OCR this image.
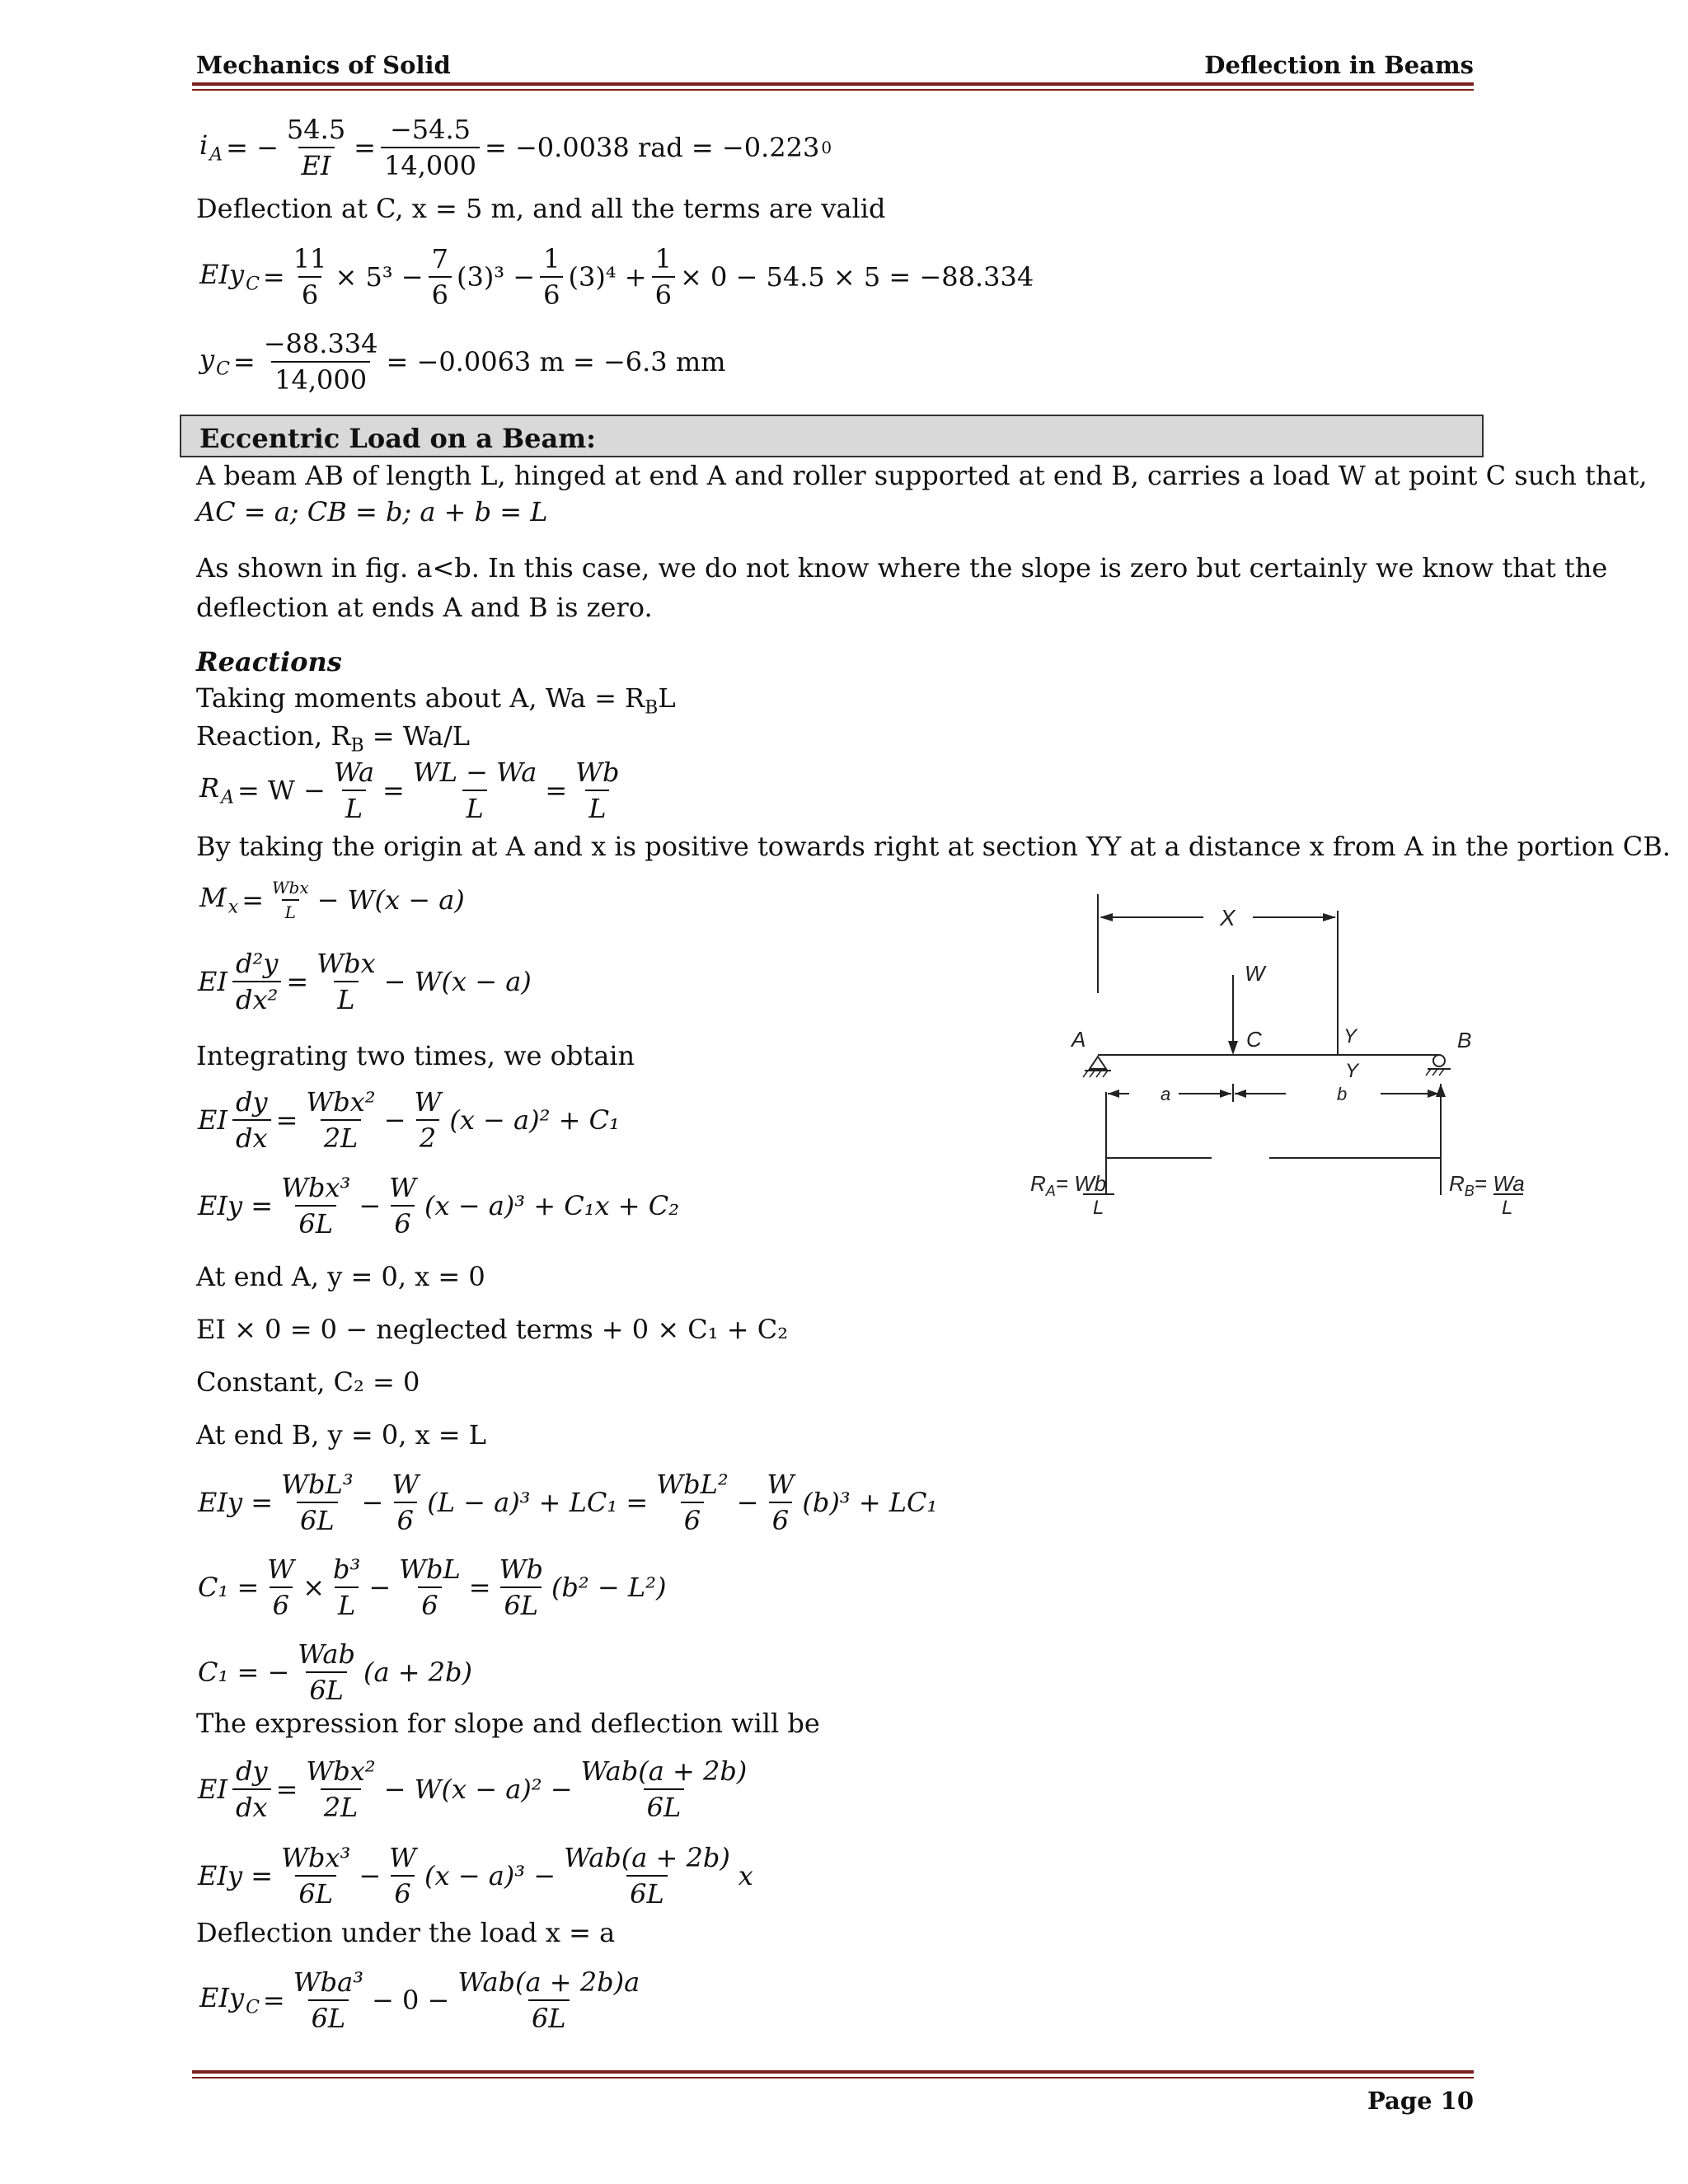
Mechanics of Solid	Deflection in Beams
$i_A$ = − $\frac{54.5}{EI} = \frac{-54.5}{14,000} = -0.0038$ rad = −0.223 0
Deflection at C, x = 5 m, and all the terms are valid
$EIy_C = \frac{11}{6} \times 5^3 - \frac{7}{6} (3)^3 - \frac{1}{6} (3)^4 + \frac{1}{6} \times 0 - 54.5 \times 5 = -88.334$
$y_C = \frac{-88.334}{14,000} = -0.0063$ m = −6.3 mm
Eccentric Load on a Beam:
A beam AB of length L, hinged at end A and roller supported at end B, carries a load W at point C such that,
AC = a; CB = b; a + b = L
As shown in fig. a<b. In this case, we do not know where the slope is zero but certainly we know that the
deflection at ends A and B is zero.
Reactions
Taking moments about A, $Wa = R_BL$
Reaction, $R_B = Wa/L$
$R_A = W - \frac{Wa}{L} = \frac{WL - Wa}{L} = \frac{Wb}{L}$
By taking the origin at A and x is positive towards right at section YY at a distance x from A in the portion CB.
$M_x = \frac{\text{Wbx}}{L} - W(x - a)$
EI $\frac{\text{d²y}}{\text{dx²}} = \frac{\text{Wbx}}{L} - W(x - a)$
Integrating two times, we obtain
EI $\frac{dy}{dx} = \frac{\text{Wbx²}}{2L} - \frac{W}{2} (x - a)^2 + C_1$
EIy = $\frac{\text{Wbx³}}{6L} - \frac{W}{6} (x - a)^3 + C_1x + C_2$
At end A, y = 0, x = 0
EI × 0 = 0 − neglected terms + 0 × C₁ + C₂
Constant, C₂ = 0
At end B, y = 0, x = L
EIy = $\frac{\text{WbL³}}{6L} - \frac{W}{6} (L - a)^3 + LC_1 = \frac{\text{WbL²}}{6} - \frac{W}{6} (b)^3 + LC_1$
$C_1 = \frac{W}{6} \times \frac{\text{b³}}{L} - \frac{\text{WbL}}{6} = \frac{Wb}{6L} (b^2 - L^2)$
C₁ = − $\frac{\text{Wab}}{6L} (a + 2b)$
The expression for slope and deflection will be
EI $\frac{dy}{dx} = \frac{\text{Wbx²}}{2L} - W(x - a)^2 - \frac{\text{Wab(a + 2b)}}{6L}$
EIy = $\frac{\text{Wbx³}}{6L} - \frac{W}{6} (x - a)^3 - \frac{\text{Wab(a + 2b)}}{6L}$ x
Deflection under the load x = a
$EIy_C = \frac{\text{Wba³}}{6L} - 0 - \frac{\text{Wab(a + 2b)a}}{6L}$
Page 10
X
W
C
A	B
Y
Y
a	b
$R_A= Wb$
L
$R_B= Wa$
L
